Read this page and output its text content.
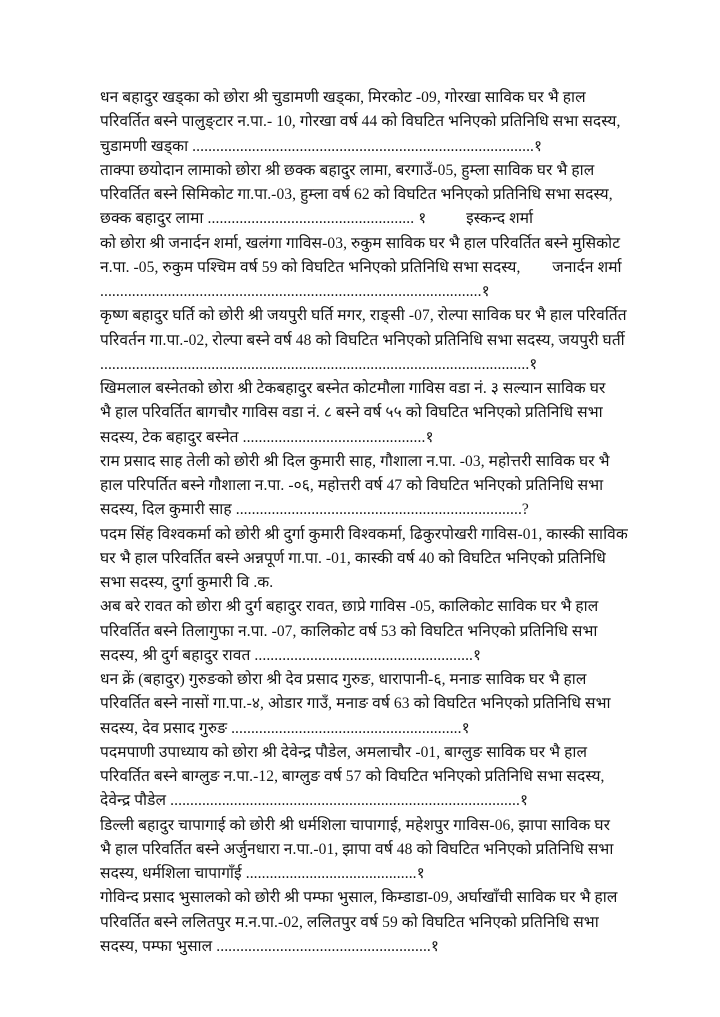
धन बहादुर खड्का को छोरा श्री चुडामणी खड्का, मिरकोट -09, गोरखा साविक घर भै हाल
परिवर्तित बस्ने पालुङ्टार न.पा.- 10, गोरखा वर्ष 44 को विघटित भनिएको प्रतिनिधि सभा सदस्य,
चुडामणी खड्का ......................................................................................१
ताक्पा छयोदान लामाको छोरा श्री छक्क बहादुर लामा, बरगाउँ-05, हुम्ला साविक घर भै हाल
परिवर्तित बस्ने सिमिकोट गा.पा.-03, हुम्ला वर्ष 62 को विघटित भनिएको प्रतिनिधि सभा सदस्य,
छक्क बहादुर लामा .................................................... १          इस्कन्द शर्मा
को छोरा श्री जनार्दन शर्मा, खलंगा गाविस-03, रुकुम साविक घर भै हाल परिवर्तित बस्ने मुसिकोट
न.पा. -05, रुकुम पश्चिम वर्ष 59 को विघटित भनिएको प्रतिनिधि सभा सदस्य,        जनार्दन शर्मा
................................................................................................१
कृष्ण बहादुर घर्ति को छोरी श्री जयपुरी घर्ति मगर, राङ्सी -07, रोल्पा साविक घर भै हाल परिवर्तित
परिवर्तन गा.पा.-02, रोल्पा बस्ने वर्ष 48 को विघटित भनिएको प्रतिनिधि सभा सदस्य, जयपुरी घर्ती
............................................................................................................१
खिमलाल बस्नेतको छोरा श्री टेकबहादुर बस्नेत कोटमौला गाविस वडा नं. ३ सल्यान साविक घर
भै हाल परिवर्तित बागचौर गाविस वडा नं. ८ बस्ने वर्ष ५५ को विघटित भनिएको प्रतिनिधि सभा
सदस्य, टेक बहादुर बस्नेत ..............................................१
राम प्रसाद साह तेली को छोरी श्री दिल कुमारी साह, गौशाला न.पा. -03, महोत्तरी साविक घर भै
हाल परिपर्तित बस्ने गौशाला न.पा. -०६, महोत्तरी वर्ष 47 को विघटित भनिएको प्रतिनिधि सभा
सदस्य, दिल कुमारी साह ........................................................................?
पदम सिंह विश्वकर्मा को छोरी श्री दुर्गा कुमारी विश्वकर्मा, ढिकुरपोखरी गाविस-01, कास्की साविक
घर भै हाल परिवर्तित बस्ने अन्नपूर्ण गा.पा. -01, कास्की वर्ष 40 को विघटित भनिएको प्रतिनिधि
सभा सदस्य, दुर्गा कुमारी वि .क.
अब बरे रावत को छोरा श्री दुर्ग बहादुर रावत, छाप्रे गाविस -05, कालिकोट साविक घर भै हाल
परिवर्तित बस्ने तिलागुफा न.पा. -07, कालिकोट वर्ष 53 को विघटित भनिएको प्रतिनिधि सभा
सदस्य, श्री दुर्ग बहादुर रावत .......................................................१
धन क्रें (बहादुर) गुरुङको छोरा श्री देव प्रसाद गुरुङ, धारापानी-६, मनाङ साविक घर भै हाल
परिवर्तित बस्ने नासों गा.पा.-४, ओडार गाउँ, मनाङ वर्ष 63 को विघटित भनिएको प्रतिनिधि सभा
सदस्य, देव प्रसाद गुरुङ ..........................................................१
पदमपाणी उपाध्याय को छोरा श्री देवेन्द्र पौडेल, अमलाचौर -01, बाग्लुङ साविक घर भै हाल
परिवर्तित बस्ने बाग्लुङ न.पा.-12, बाग्लुङ वर्ष 57 को विघटित भनिएको प्रतिनिधि सभा सदस्य,
देवेन्द्र पौडेल ........................................................................................१
डिल्ली बहादुर चापागाई को छोरी श्री धर्मशिला चापागाई, महेशपुर गाविस-06, झापा साविक घर
भै हाल परिवर्तित बस्ने अर्जुनधारा न.पा.-01, झापा वर्ष 48 को विघटित भनिएको प्रतिनिधि सभा
सदस्य, धर्मशिला चापागाँई ...........................................१
गोविन्द प्रसाद भुसालको को छोरी श्री पम्फा भुसाल, किम्डाडा-09, अर्घाखाँची साविक घर भै हाल
परिवर्तित बस्ने ललितपुर म.न.पा.-02, ललितपुर वर्ष 59 को विघटित भनिएको प्रतिनिधि सभा
सदस्य, पम्फा भुसाल ......................................................१
